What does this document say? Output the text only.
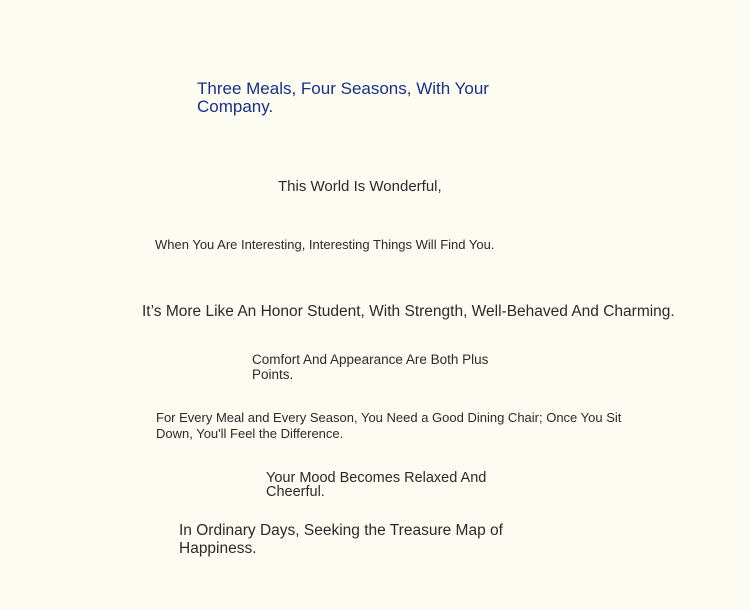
Three Meals, Four Seasons, With Your Company.

This World Is Wonderful,

When You Are Interesting, Interesting Things Will Find You.

It’s More Like An Honor Student, With Strength, Well-Behaved And Charming.

Comfort And Appearance Are Both Plus Points.

For Every Meal and Every Season, You Need a Good Dining Chair; Once You Sit Down, You'll Feel the Difference.

Your Mood Becomes Relaxed And Cheerful.

In Ordinary Days, Seeking the Treasure Map of Happiness.
